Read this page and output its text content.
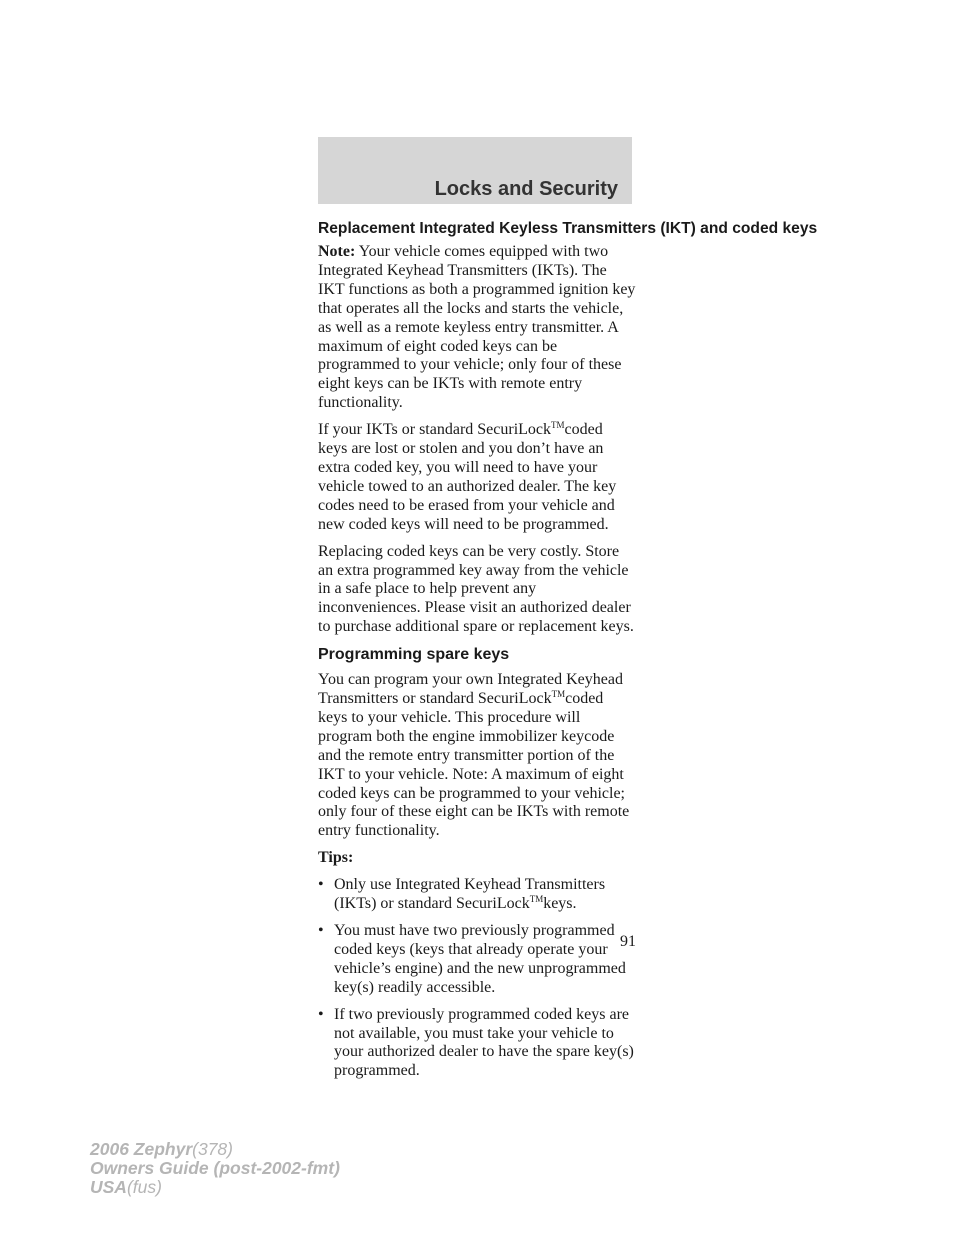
Locks and Security
Replacement Integrated Keyless Transmitters (IKT) and coded keys

Note: Your vehicle comes equipped with two Integrated Keyhead Transmitters (IKTs). The IKT functions as both a programmed ignition key that operates all the locks and starts the vehicle, as well as a remote keyless entry transmitter. A maximum of eight coded keys can be programmed to your vehicle; only four of these eight keys can be IKTs with remote entry functionality.

If your IKTs or standard SecuriLock™coded keys are lost or stolen and you don’t have an extra coded key, you will need to have your vehicle towed to an authorized dealer. The key codes need to be erased from your vehicle and new coded keys will need to be programmed.

Replacing coded keys can be very costly. Store an extra programmed key away from the vehicle in a safe place to help prevent any inconveniences. Please visit an authorized dealer to purchase additional spare or replacement keys.

Programming spare keys

You can program your own Integrated Keyhead Transmitters or standard SecuriLock™coded keys to your vehicle. This procedure will program both the engine immobilizer keycode and the remote entry transmitter portion of the IKT to your vehicle. Note: A maximum of eight coded keys can be programmed to your vehicle; only four of these eight can be IKTs with remote entry functionality.

Tips:

• Only use Integrated Keyhead Transmitters (IKTs) or standard SecuriLock™keys.
• You must have two previously programmed coded keys (keys that already operate your vehicle’s engine) and the new unprogrammed key(s) readily accessible.
• If two previously programmed coded keys are not available, you must take your vehicle to your authorized dealer to have the spare key(s) programmed.
91
2006 Zephyr(378)
Owners Guide (post-2002-fmt)
USA(fus)
